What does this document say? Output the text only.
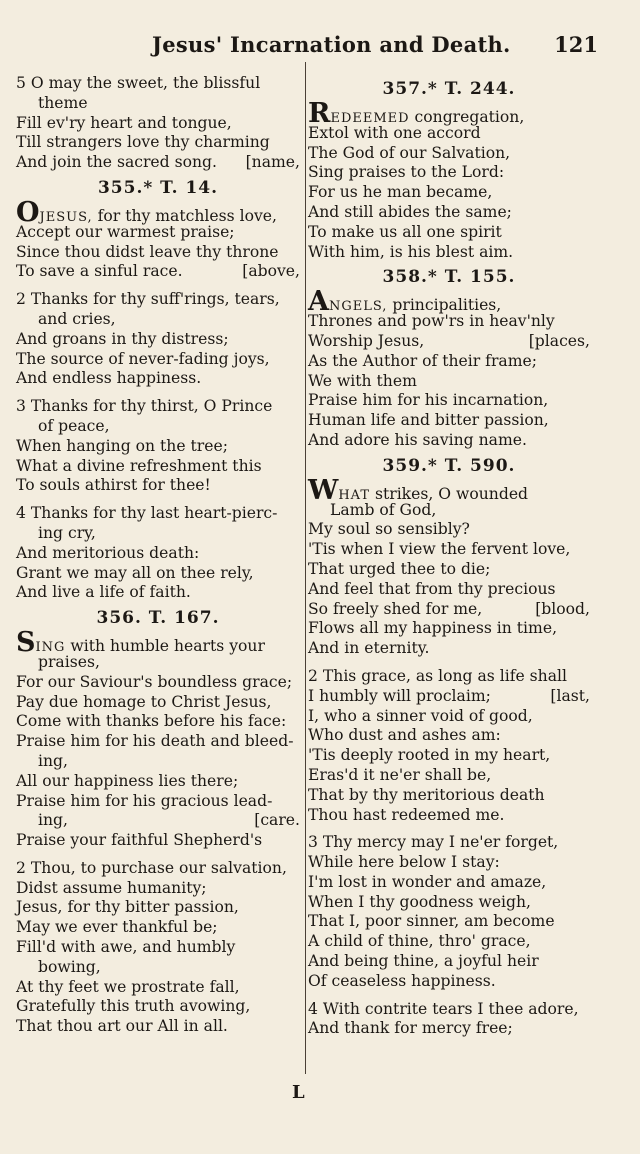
Jesus' Incarnation and Death. 121
5 O may the sweet, the blissful
theme
Fill ev'ry heart and tongue,
Till strangers love thy charming
And join the sacred song. [name,
355.* T. 14.
OJESUS, for thy matchless love,
Accept our warmest praise;
Since thou didst leave thy throne
To save a sinful race.	[above,
2 Thanks for thy suff'rings, tears,
and cries,
And groans in thy distress;
The source of never-fading joys,
And endless happiness.
3 Thanks for thy thirst, O Prince
of peace,
When hanging on the tree;
What a divine refreshment this
To souls athirst for thee!
4 Thanks for thy last heart-pierc-
ing cry,
And meritorious death:
Grant we may all on thee rely,
And live a life of faith.
356. T. 167.
SING with humble hearts your
praises,
For our Saviour's boundless grace;
Pay due homage to Christ Jesus,
Come with thanks before his face:
Praise him for his death and bleed-
ing,
All our happiness lies there;
Praise him for his gracious lead-
ing,	[care.
Praise your faithful Shepherd's
2 Thou, to purchase our salvation,
Didst assume humanity;
Jesus, for thy bitter passion,
May we ever thankful be;
Fill'd with awe, and humbly
bowing,
At thy feet we prostrate fall,
Gratefully this truth avowing,
That thou art our All in all.
357.* T. 244.
REDEEMED congregation,
Extol with one accord
The God of our Salvation,
Sing praises to the Lord:
For us he man became,
And still abides the same;
To make us all one spirit
With him, is his blest aim.
358.* T. 155.
ANGELS, principalities,
Thrones and pow'rs in heav'nly
Worship Jesus,	[places,
As the Author of their frame;
We with them
Praise him for his incarnation,
Human life and bitter passion,
And adore his saving name.
359.* T. 590.
WHAT strikes, O wounded
Lamb of God,
My soul so sensibly?
'Tis when I view the fervent love,
That urged thee to die;
And feel that from thy precious
So freely shed for me,	[blood,
Flows all my happiness in time,
And in eternity.
2 This grace, as long as life shall
I humbly will proclaim;	[last,
I, who a sinner void of good,
Who dust and ashes am:
'Tis deeply rooted in my heart,
Eras'd it ne'er shall be,
That by thy meritorious death
Thou hast redeemed me.
3 Thy mercy may I ne'er forget,
While here below I stay:
I'm lost in wonder and amaze,
When I thy goodness weigh,
That I, poor sinner, am become
A child of thine, thro' grace,
And being thine, a joyful heir
Of ceaseless happiness.
4 With contrite tears I thee adore,
And thank for mercy free;
L
